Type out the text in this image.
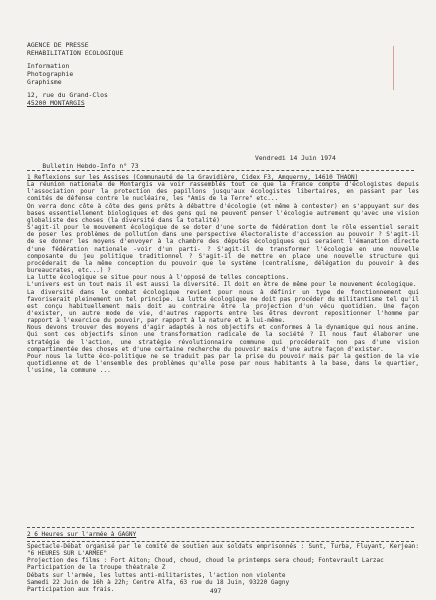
AGENCE DE PRESSE
REHABILITATION ECOLOGIQUE
Information
Photographie
Graphisme
12, rue du Grand-Clos
45200 MONTARGIS

Bulletin Hebdo-Info n° 73

Vendredi 14 Juin 1974

1 Reflexions sur les Assises (Communauté de la Gravidière, Cidex F3, Amquerny, 14610 THAON)

La réunion nationale de Montargis va voir rassemblés tout ce que la France compte d'écologistes depuis l'association pour la protection des papillons jusqu'aux écologistes libertaires, en passant par les comités de défense contre le nucléaire, les "Amis de la Terre" etc...

On verra donc côte à côte des gens prêts à débattre d'écologie (et même à contester) en s'appuyant sur des bases essentiellement biologiques et des gens qui ne peuvent penser l'écologie autrement qu'avec une vision globaliste des choses (la diversité dans la totalité)

S'agit-il pour le mouvement écologique de se doter d'une sorte de fédération dont le rôle essentiel serait de poser les problèmes de pollution dans une perspective électoraliste d'accession au pouvoir ? S'agit-il de se donner les moyens d'envoyer à la chambre des députés écologiques qui seraient l'émanation directe d'une fédération nationale -voir d'un parti- ? S'agit-il de transformer l'écologie en une nouvelle composante du jeu politique traditionnel ? S'agit-il de mettre en place une nouvelle structure qui procéderait de la même conception du pouvoir que le système (centralisme, délégation du pouvoir à des bureaucrates, etc...) ?

La lutte écologique se situe pour nous à l'opposé de telles conceptions.

L'univers est un tout mais il est aussi la diversité. Il doit en être de même pour le mouvement écologique.

La diversité dans le combat écologique revient pour nous à définir un type de fonctionnement qui favoriserait pleinement un tel principe. La lutte écologique ne doit pas procéder du militantisme tel qu'il est conçu habituellement mais doit au contraire être la projection d'un vécu quotidien. Une façon d'exister, un autre mode de vie, d'autres rapports entre les êtres devront repositionner l'homme par rapport à l'exercice du pouvoir, par rapport à la nature et à lui-même.

Nous devons trouver des moyens d'agir adaptés à nos objectifs et conformes à la dynamique qui nous anime. Qui sont ces objectifs sinon une transformation radicale de la société ? Il nous faut élaborer une stratégie de l'action, une stratégie révolutionnaire commune qui procéderait non pas d'une vision compartimentée des choses et d'une certaine recherche du pouvoir mais d'une autre façon d'exister.

Pour nous la lutte éco-politique ne se traduit pas par la prise du pouvoir mais par la gestion de la vie quotidienne et de l'ensemble des problèmes qu'elle pose par nous habitants à la base, dans le quartier, l'usine, la commune ...

2 6 Heures sur l'armée à GAGNY

Spectacle-Débat organisé par le comité de soutien aux soldats emprisonnés : Sunt, Turba, Fluyant, Kerjean: "6 HEURES SUR L'ARMEE"

Projection des films : Fort Aiton; Choud, choud, choud le printemps sera choud; Fontevrault Larzac

Participation de la troupe théatrale Z

Débats sur l'armée, les luttes anti-militaristes, l'action non violente

Samedi 22 Juin de 16h à 22h; Centre Alfa, 63 rue du 18 Juin, 93220 Gagny

Participation aux frais.	497
